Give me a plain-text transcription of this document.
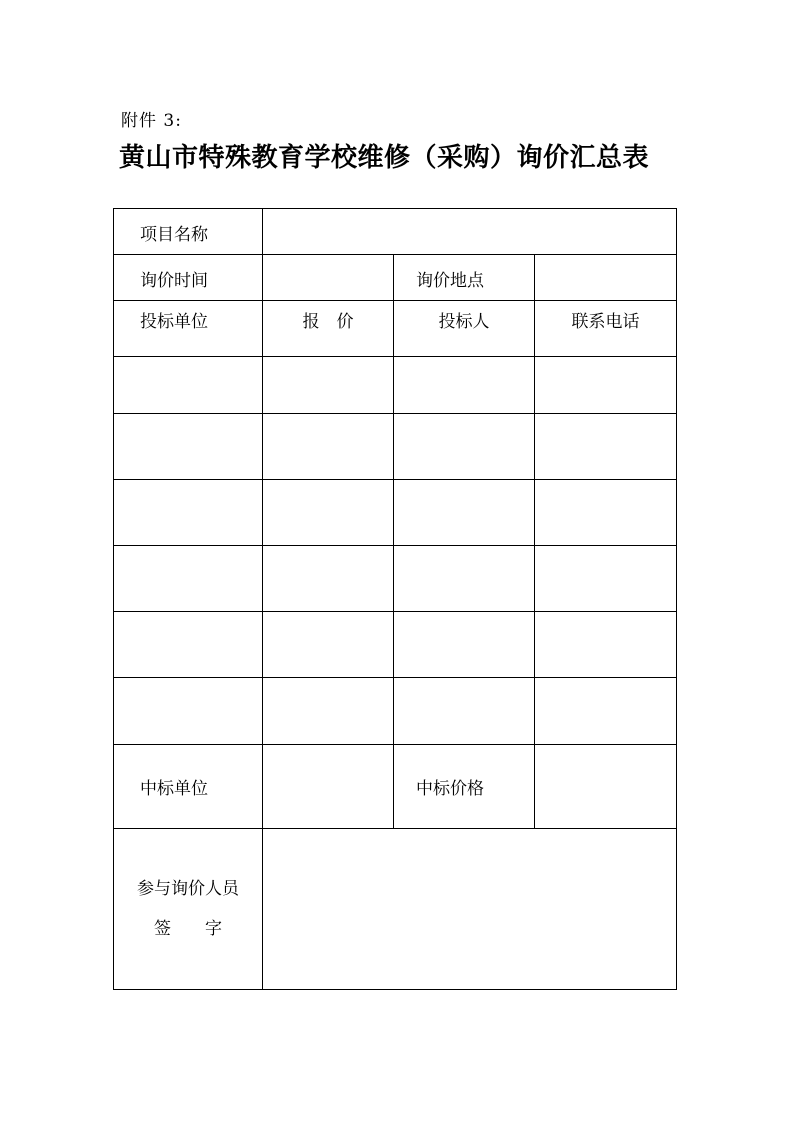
附件 3:
黄山市特殊教育学校维修（采购）询价汇总表
项目名称			
询价时间		询价地点	
投标单位	报　价	投标人	联系电话

中标单位		中标价格	

参与询价人员
签　　字			
